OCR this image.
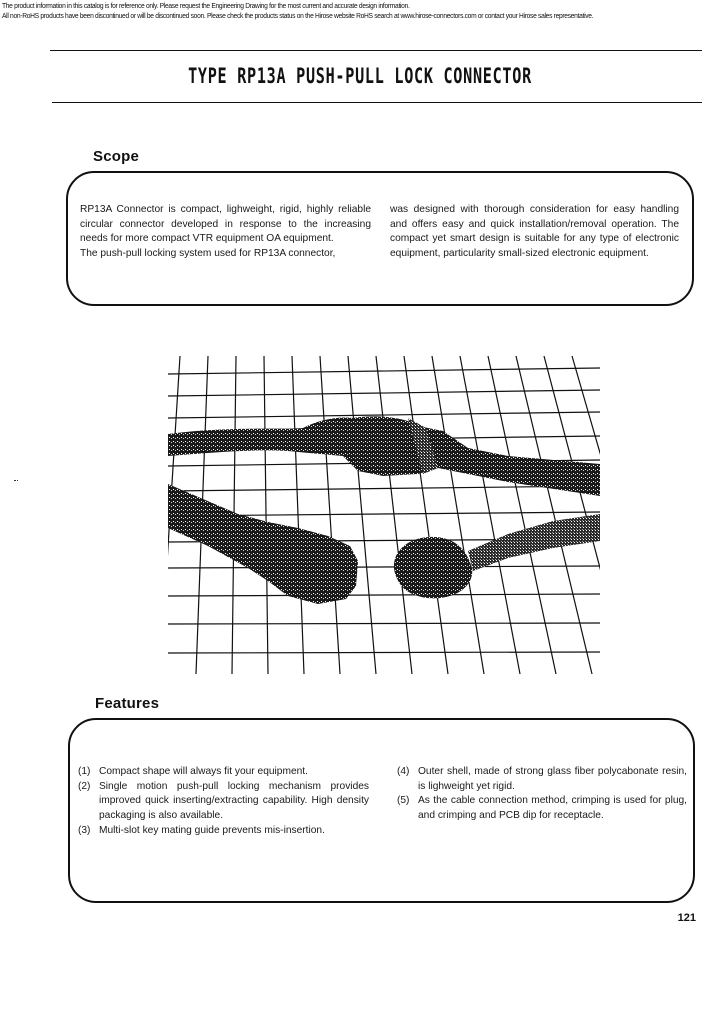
The product information in this catalog is for reference only. Please request the Engineering Drawing for the most current and accurate design information.
All non-RoHS products have been discontinued or will be discontinued soon. Please check the products status on the Hirose website RoHS search at www.hirose-connectors.com or contact your Hirose sales representative.
TYPE RP13A PUSH-PULL LOCK CONNECTOR
Scope

RP13A Connector is compact, lighweight, rigid, highly reliable circular connector developed in response to the increasing needs for more compact VTR equipment OA equipment.

The push-pull locking system used for RP13A connector,

was designed with thorough consideration for easy handling and offers easy and quick installation/removal operation. The compact yet smart design is suitable for any type of electronic equipment, particularity small-sized electronic equipment.

Features
(1) Compact shape will always fit your equipment.
(2) Single motion push-pull locking mechanism provides improved quick inserting/extracting capability. High density packaging is also available.
(3) Multi-slot key mating guide prevents mis-insertion.
(4) Outer shell, made of strong glass fiber polycabonate resin, is lighweight yet rigid.
(5) As the cable connection method, crimping is used for plug, and crimping and PCB dip for receptacle.
121
